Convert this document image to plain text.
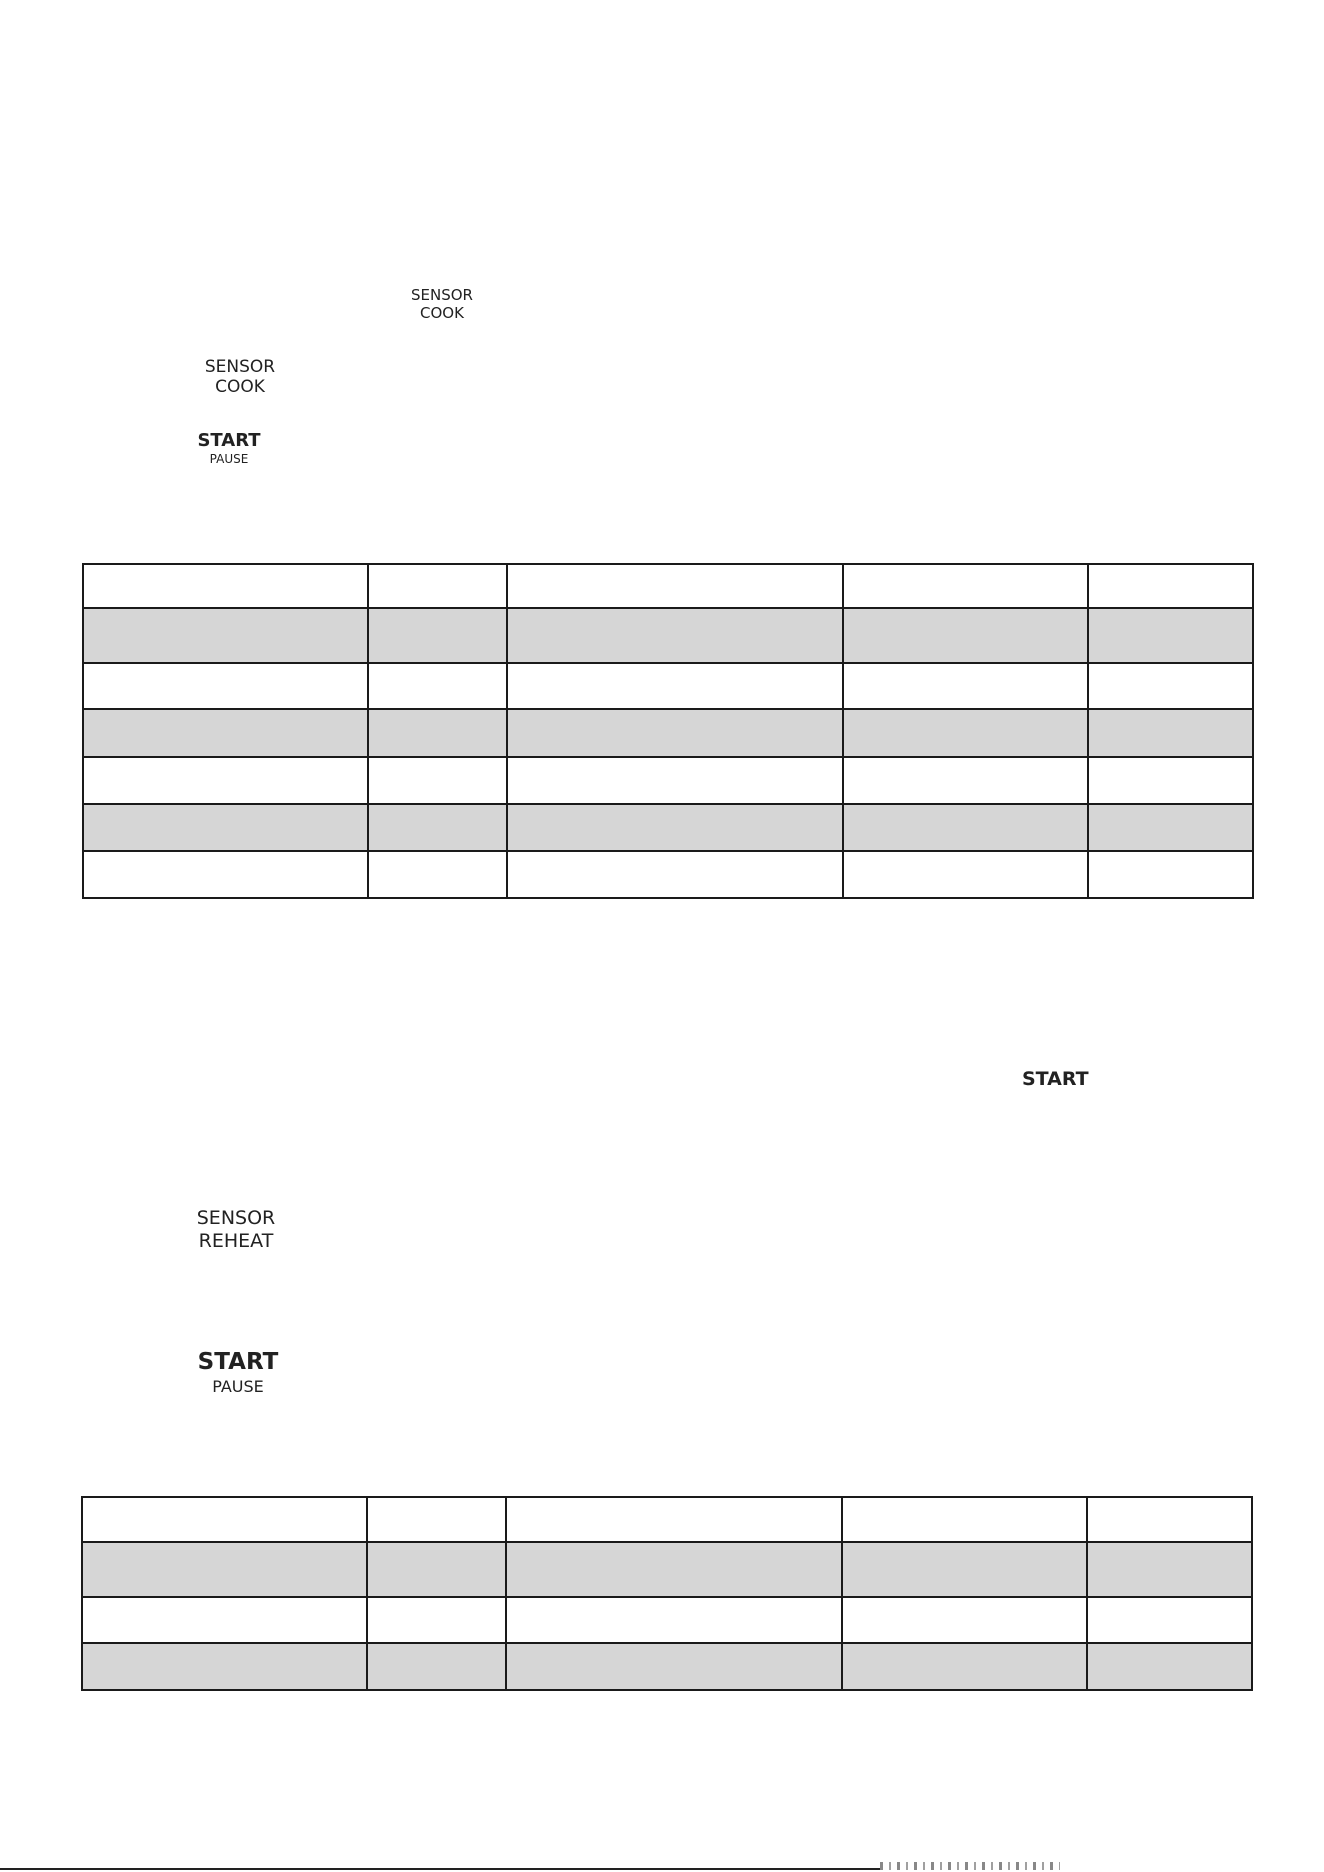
SENSOR
COOK
SENSOR
COOK
START
PAUSE

START
SENSOR
REHEAT
START
PAUSE
